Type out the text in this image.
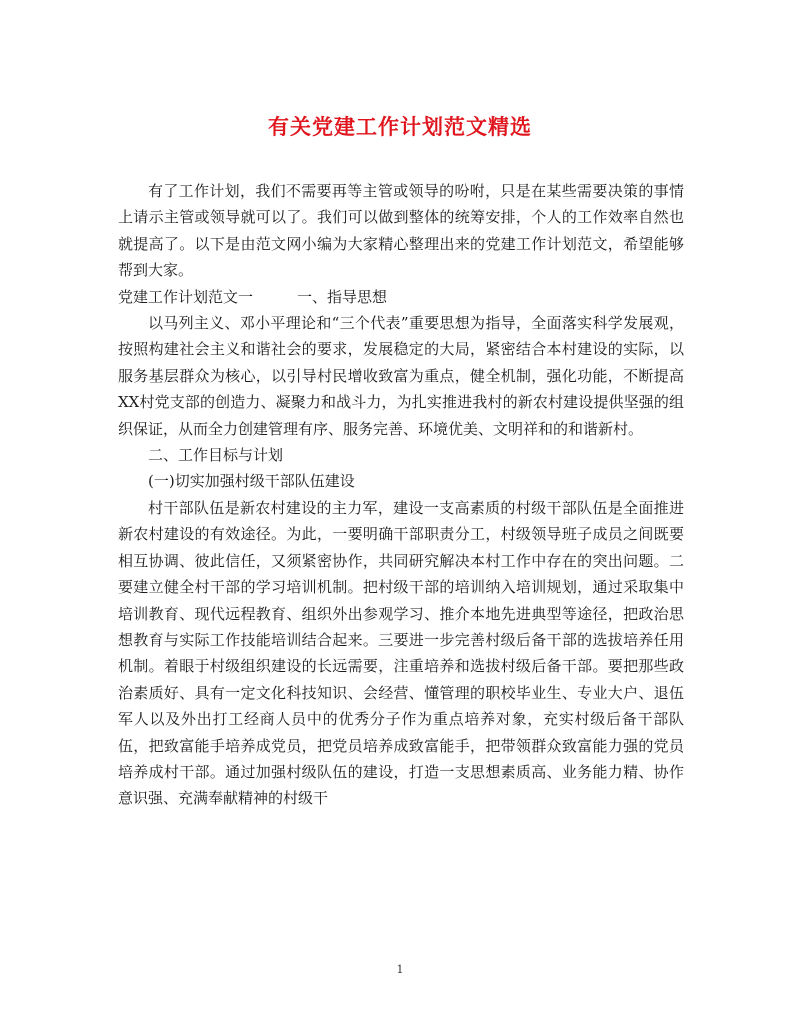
有关党建工作计划范文精选

有了工作计划，我们不需要再等主管或领导的吩咐，只是在某些需要决策的事情上请示主管或领导就可以了。我们可以做到整体的统筹安排，个人的工作效率自然也就提高了。以下是由范文网小编为大家精心整理出来的党建工作计划范文，希望能够帮到大家。

党建工作计划范文一	一、指导思想

以马列主义、邓小平理论和“三个代表”重要思想为指导，全面落实科学发展观，按照构建社会主义和谐社会的要求，发展稳定的大局，紧密结合本村建设的实际，以服务基层群众为核心，以引导村民增收致富为重点，健全机制，强化功能，不断提高XX村党支部的创造力、凝聚力和战斗力，为扎实推进我村的新农村建设提供坚强的组织保证，从而全力创建管理有序、服务完善、环境优美、文明祥和的和谐新村。

二、工作目标与计划

(一)切实加强村级干部队伍建设

村干部队伍是新农村建设的主力军，建设一支高素质的村级干部队伍是全面推进新农村建设的有效途径。为此，一要明确干部职责分工，村级领导班子成员之间既要相互协调、彼此信任，又须紧密协作，共同研究解决本村工作中存在的突出问题。二要建立健全村干部的学习培训机制。把村级干部的培训纳入培训规划，通过采取集中培训教育、现代远程教育、组织外出参观学习、推介本地先进典型等途径，把政治思想教育与实际工作技能培训结合起来。三要进一步完善村级后备干部的选拔培养任用机制。着眼于村级组织建设的长远需要，注重培养和选拔村级后备干部。要把那些政治素质好、具有一定文化科技知识、会经营、懂管理的职校毕业生、专业大户、退伍军人以及外出打工经商人员中的优秀分子作为重点培养对象，充实村级后备干部队伍，把致富能手培养成党员，把党员培养成致富能手，把带领群众致富能力强的党员培养成村干部。通过加强村级队伍的建设，打造一支思想素质高、业务能力精、协作意识强、充满奉献精神的村级干

1
